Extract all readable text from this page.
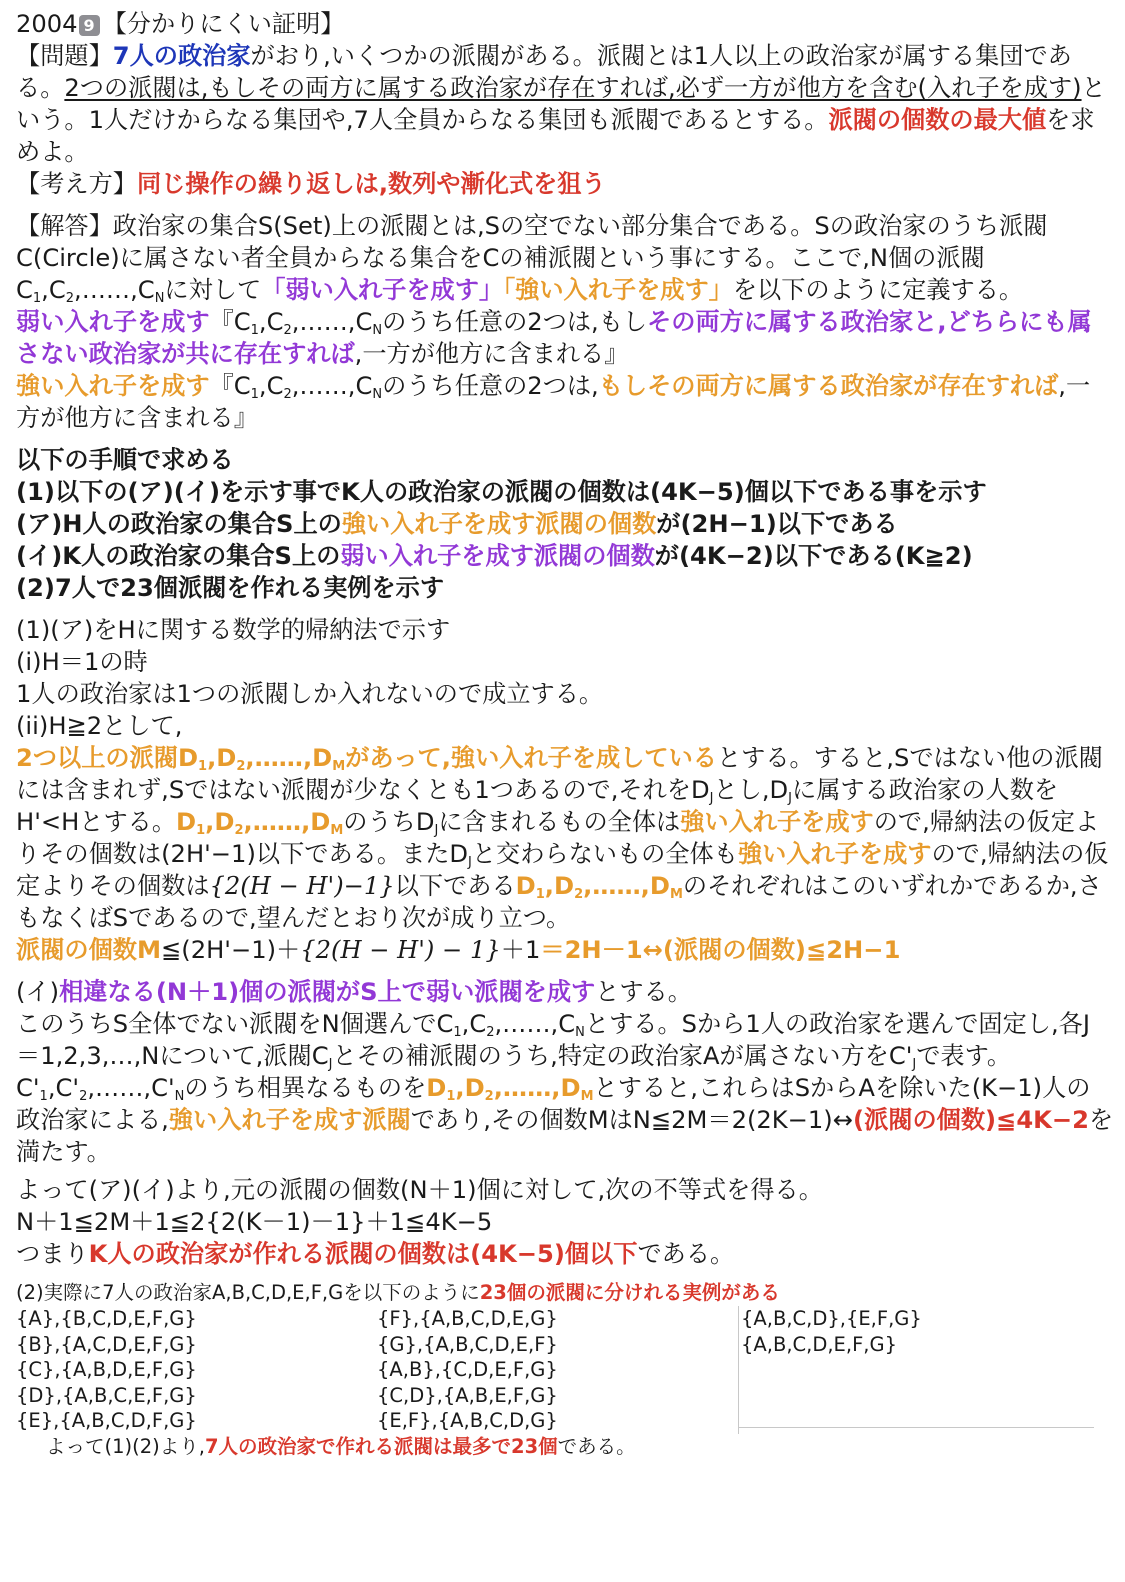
2004 9 【分かりにくい証明】

【問題】7人の政治家がおり,いくつかの派閥がある。派閥とは1人以上の政治家が属する集団である。2つの派閥は,もしその両方に属する政治家が存在すれば,必ず一方が他方を含む(入れ子を成す)という。1人だけからなる集団や,7人全員からなる集団も派閥であるとする。派閥の個数の最大値を求めよ。

【考え方】同じ操作の繰り返しは,数列や漸化式を狙う

【解答】政治家の集合S(Set)上の派閥とは,Sの空でない部分集合である。Sの政治家のうち派閥C(Circle)に属さない者全員からなる集合をCの補派閥という事にする。ここで,N個の派閥$C_1,C_2,\dots\dots,C_N$に対して「弱い入れ子を成す」「強い入れ子を成す」を以下のように定義する。

弱い入れ子を成す『$C_1,C_2,\dots\dots,C_N$のうち任意の2つは,もしその両方に属する政治家と,どちらにも属さない政治家が共に存在すれば,一方が他方に含まれる』

強い入れ子を成す『$C_1,C_2,\dots\dots,C_N$のうち任意の2つは,もしその両方に属する政治家が存在すれば,一方が他方に含まれる』

以下の手順で求める

(1)以下の(ア)(イ)を示す事でK人の政治家の派閥の個数は(4K−5)個以下である事を示す

(ア)H人の政治家の集合S上の強い入れ子を成す派閥の個数が(2H−1)以下である

(イ)K人の政治家の集合S上の弱い入れ子を成す派閥の個数が(4K−2)以下である(K≧2)

(2)7人で23個派閥を作れる実例を示す

(1)(ア)をHに関する数学的帰納法で示す

(i)H＝1の時

1人の政治家は1つの派閥しか入れないので成立する。

(ii)H≧2として,

2つ以上の派閥$D_1,D_2,\dots\dots,D_M$があって,強い入れ子を成しているとする。すると,Sではない他の派閥には含まれず,Sではない派閥が少なくとも1つあるので,それを$D_J$とし$,D_J$に属する政治家の人数をH'<Hとする。$D_1,D_2,\dots\dots,D_M$のうち$D_J$に含まれるもの全体は強い入れ子を成すので,帰納法の仮定よりその個数は(2H'−1)以下である。また$D_J$と交わらないもの全体も強い入れ子を成すので,帰納法の仮定よりその個数は{2(H − H')−1}以下である$D_1,D_2,\dots\dots,D_M$のそれぞれはこのいずれかであるか,さもなくばSであるので,望んだとおり次が成り立つ。

派閥の個数M≦(2H'−1)＋{2(H − H') − 1}＋1＝2H－1↔(派閥の個数)≦2H−1

(イ)相違なる(N＋1)個の派閥がS上で弱い派閥を成すとする。
このうちS全体でない派閥をN個選んで$C_1,C_2,\dots\dots,C_N$とする。Sから1人の政治家を選んで固定し,各J＝1,2,3,…,Nについて,派閥$C_J$とその補派閥のうち,特定の政治家Aが属さない方を$C'_J$で表す。$C'_1,C'_2,\dots\dots,C'_N$のうち相異なるものを$D_1,D_2,\dots\dots,D_M$とすると,これらはSからAを除いた(K−1)人の政治家による,強い入れ子を成す派閥であり,その個数MはN≦2M＝2(2K−1)↔(派閥の個数)≦4K−2を満たす。

よって(ア)(イ)より,元の派閥の個数(N＋1)個に対して,次の不等式を得る。

N＋1≦2M＋1≦2{2(K－1)－1}＋1≦4K−5

つまりK人の政治家が作れる派閥の個数は(4K−5)個以下である。

(2)実際に7人の政治家A,B,C,D,E,F,Gを以下のように23個の派閥に分けれる実例がある

{A},{B,C,D,E,F,G}
{B},{A,C,D,E,F,G}
{C},{A,B,D,E,F,G}
{D},{A,B,C,E,F,G}
{E},{A,B,C,D,F,G}
{F},{A,B,C,D,E,G}
{G},{A,B,C,D,E,F}
{A,B},{C,D,E,F,G}
{C,D},{A,B,E,F,G}
{E,F},{A,B,C,D,G}
{A,B,C,D},{E,F,G}
{A,B,C,D,E,F,G}

よって(1)(2)より,7人の政治家で作れる派閥は最多で23個である。
